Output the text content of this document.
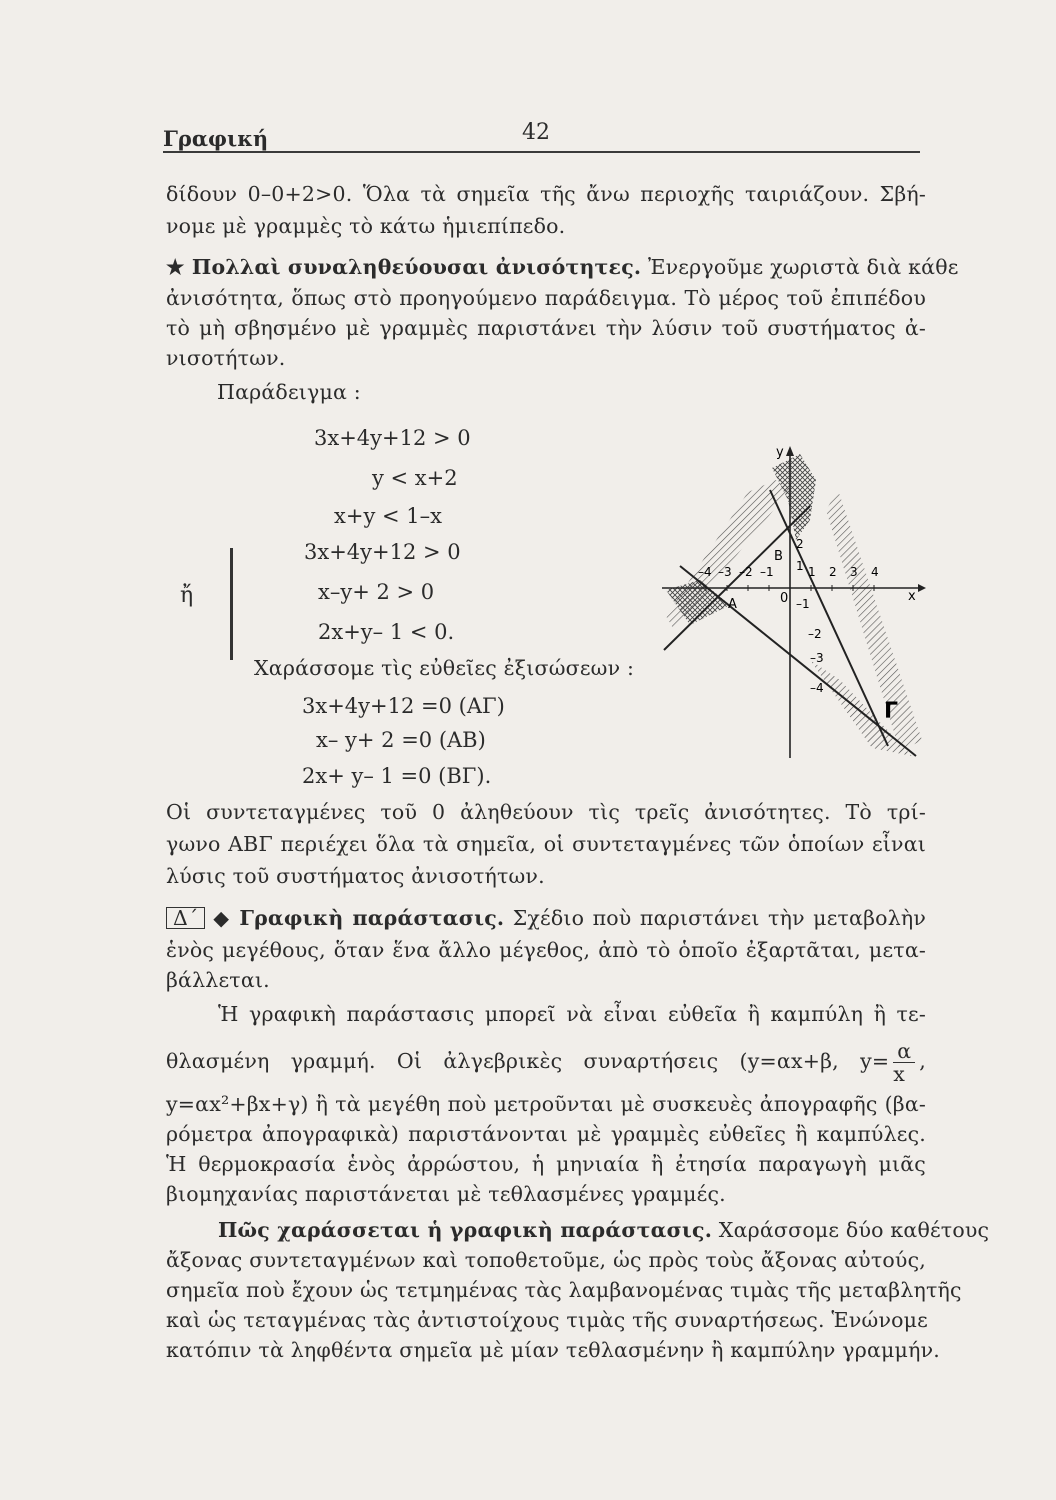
Γραφική	42
δίδουν 0–0+2>0. Ὅλα τὰ σημεῖα τῆς ἄνω περιοχῆς ταιριάζουν. Σβή-
νομε μὲ γραμμὲς τὸ κάτω ἡμιεπίπεδο.
★ Πολλαὶ συναληθεύουσαι ἀνισότητες. Ἐνεργοῦμε χωριστὰ διὰ κάθε
ἀνισότητα, ὅπως στὸ προηγούμενο παράδειγμα. Τὸ μέρος τοῦ ἐπιπέδου
τὸ μὴ σβησμένο μὲ γραμμὲς παριστάνει τὴν λύσιν τοῦ συστήματος ἀ-
νισοτήτων.
Παράδειγμα :
3x+4y+12 > 0
y < x+2
x+y < 1–x
ἤ
3x+4y+12 > 0
x–y+ 2 > 0
2x+y– 1 < 0.
Χαράσσομε τὶς εὐθεῖες ἐξισώσεων :
3x+4y+12 =0 (ΑΓ)
x– y+ 2 =0 (ΑΒ)
2x+ y– 1 =0 (ΒΓ).
y
x
0
–4 –3 –2 –1	1 2 3 4
2
1
–1
–2
–3
–4
A
B
Γ
Οἱ συντεταγμένες τοῦ 0 ἀληθεύουν τὶς τρεῖς ἀνισότητες. Τὸ τρί-
γωνο ΑΒΓ περιέχει ὅλα τὰ σημεῖα, οἱ συντεταγμένες τῶν ὁποίων εἶναι
λύσις τοῦ συστήματος ἀνισοτήτων.
Δ΄ ◆ Γραφικὴ παράστασις. Σχέδιο ποὺ παριστάνει τὴν μεταβολὴν
ἑνὸς μεγέθους, ὅταν ἕνα ἄλλο μέγεθος, ἀπὸ τὸ ὁποῖο ἐξαρτᾶται, μετα-
βάλλεται.
Ἡ γραφικὴ παράστασις μπορεῖ νὰ εἶναι εὐθεῖα ἢ καμπύλη ἢ τε-
θλασμένη γραμμή. Οἱ ἀλγεβρικὲς συναρτήσεις (y=αx+β, $y= \frac{\alpha}{x}$ ,
y=αx²+βx+γ) ἢ τὰ μεγέθη ποὺ μετροῦνται μὲ συσκευὲς ἀπογραφῆς (βα-
ρόμετρα ἀπογραφικὰ) παριστάνονται μὲ γραμμὲς εὐθεῖες ἢ καμπύλες.
Ἡ θερμοκρασία ἑνὸς ἀρρώστου, ἡ μηνιαία ἢ ἐτησία παραγωγὴ μιᾶς
βιομηχανίας παριστάνεται μὲ τεθλασμένες γραμμές.
Πῶς χαράσσεται ἡ γραφικὴ παράστασις. Χαράσσομε δύο καθέτους
ἄξονας συντεταγμένων καὶ τοποθετοῦμε, ὡς πρὸς τοὺς ἄξονας αὐτούς,
σημεῖα ποὺ ἔχουν ὡς τετμημένας τὰς λαμβανομένας τιμὰς τῆς μεταβλητῆς
καὶ ὡς τεταγμένας τὰς ἀντιστοίχους τιμὰς τῆς συναρτήσεως. Ἑνώνομε
κατόπιν τὰ ληφθέντα σημεῖα μὲ μίαν τεθλασμένην ἢ καμπύλην γραμμήν.
